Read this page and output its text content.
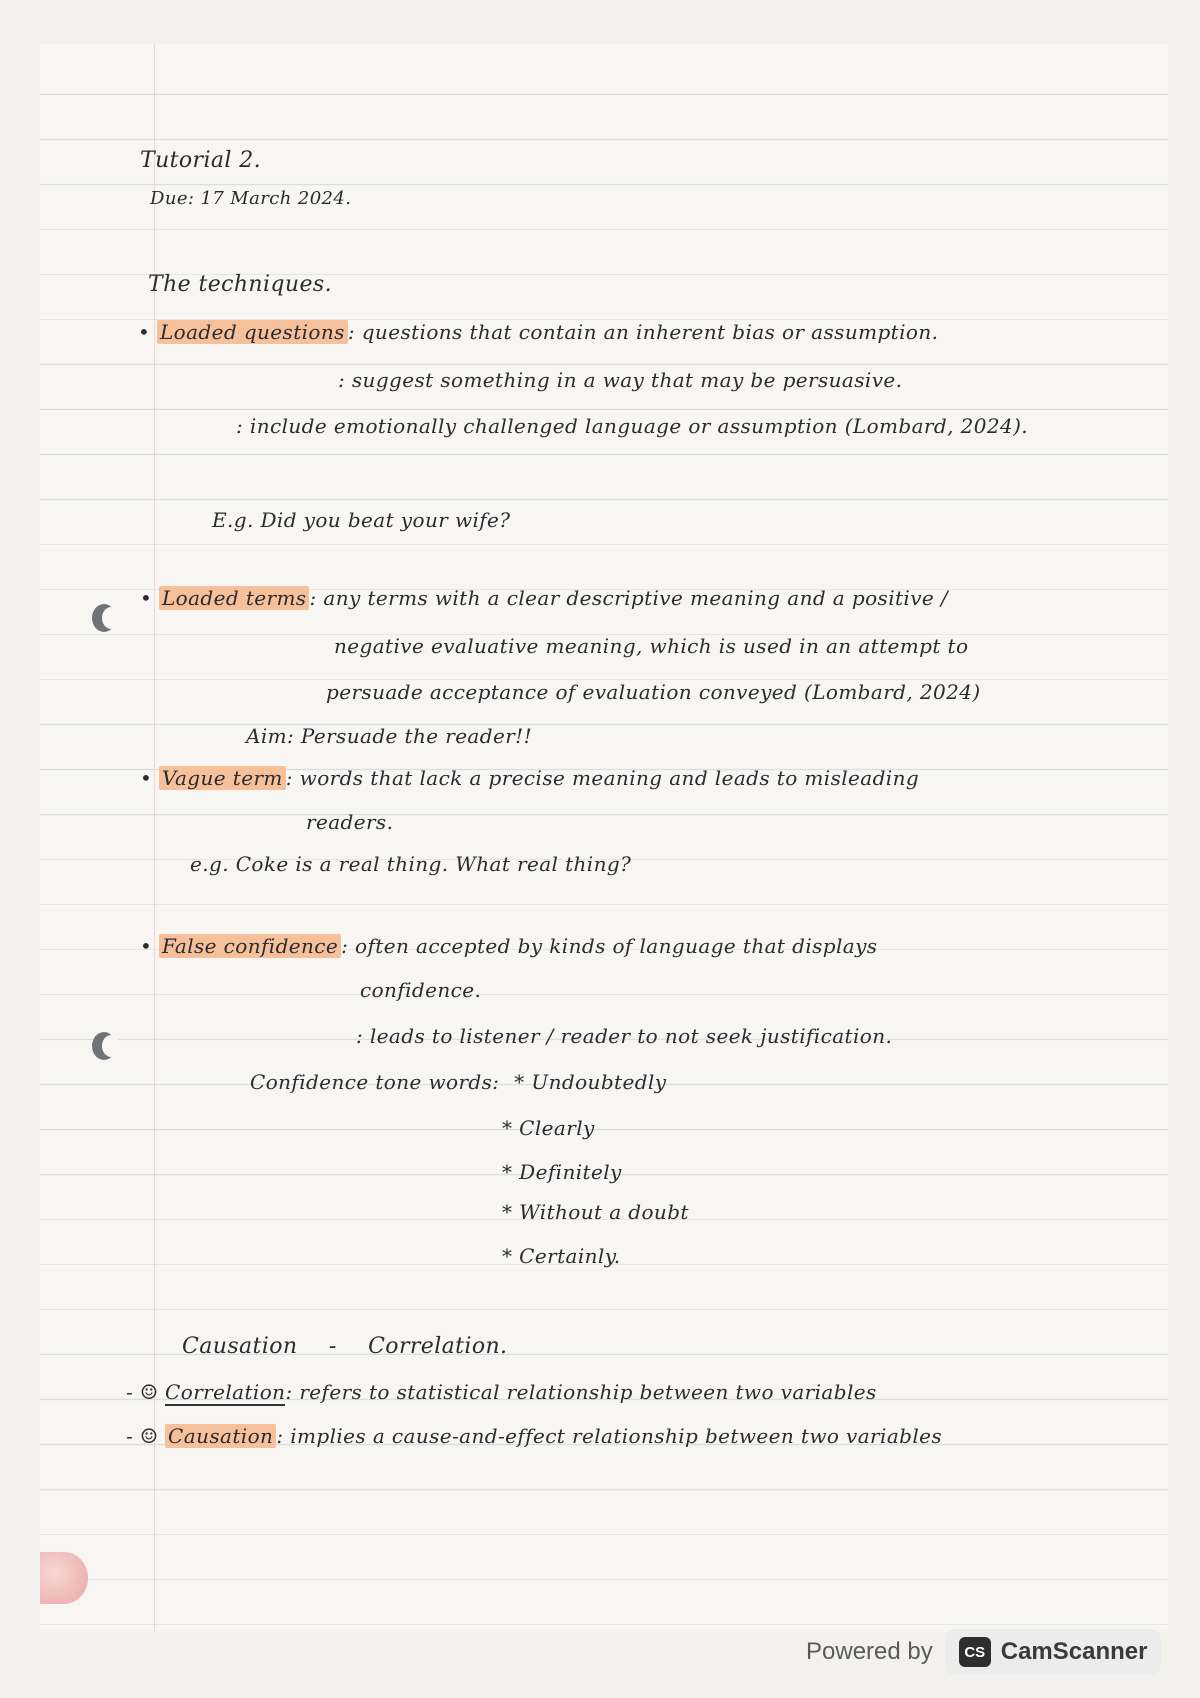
Tutorial 2.
Due: 17 March 2024.
The techniques.
• Loaded questions : questions that contain an inherent bias or assumption.
: suggest something in a way that may be persuasive.
: include emotionally challenged language or assumption (Lombard, 2024).
E.g. Did you beat your wife?
• Loaded terms : any terms with a clear descriptive meaning and a positive /
negative evaluative meaning, which is used in an attempt to
persuade acceptance of evaluation conveyed (Lombard, 2024)
Aim: Persuade the reader!!
• Vague term : words that lack a precise meaning and leads to misleading
readers.
e.g. Coke is a real thing. What real thing?
• False confidence : often accepted by kinds of language that displays
confidence.
: leads to listener / reader to not seek justification.
Confidence tone words: * Undoubtedly
* Clearly
* Definitely
* Without a doubt
* Certainly.
Causation - Correlation.
- ☺ Correlation: refers to statistical relationship between two variables
- ☺ Causation : implies a cause-and-effect relationship between two variables
Powered by	CS CamScanner
